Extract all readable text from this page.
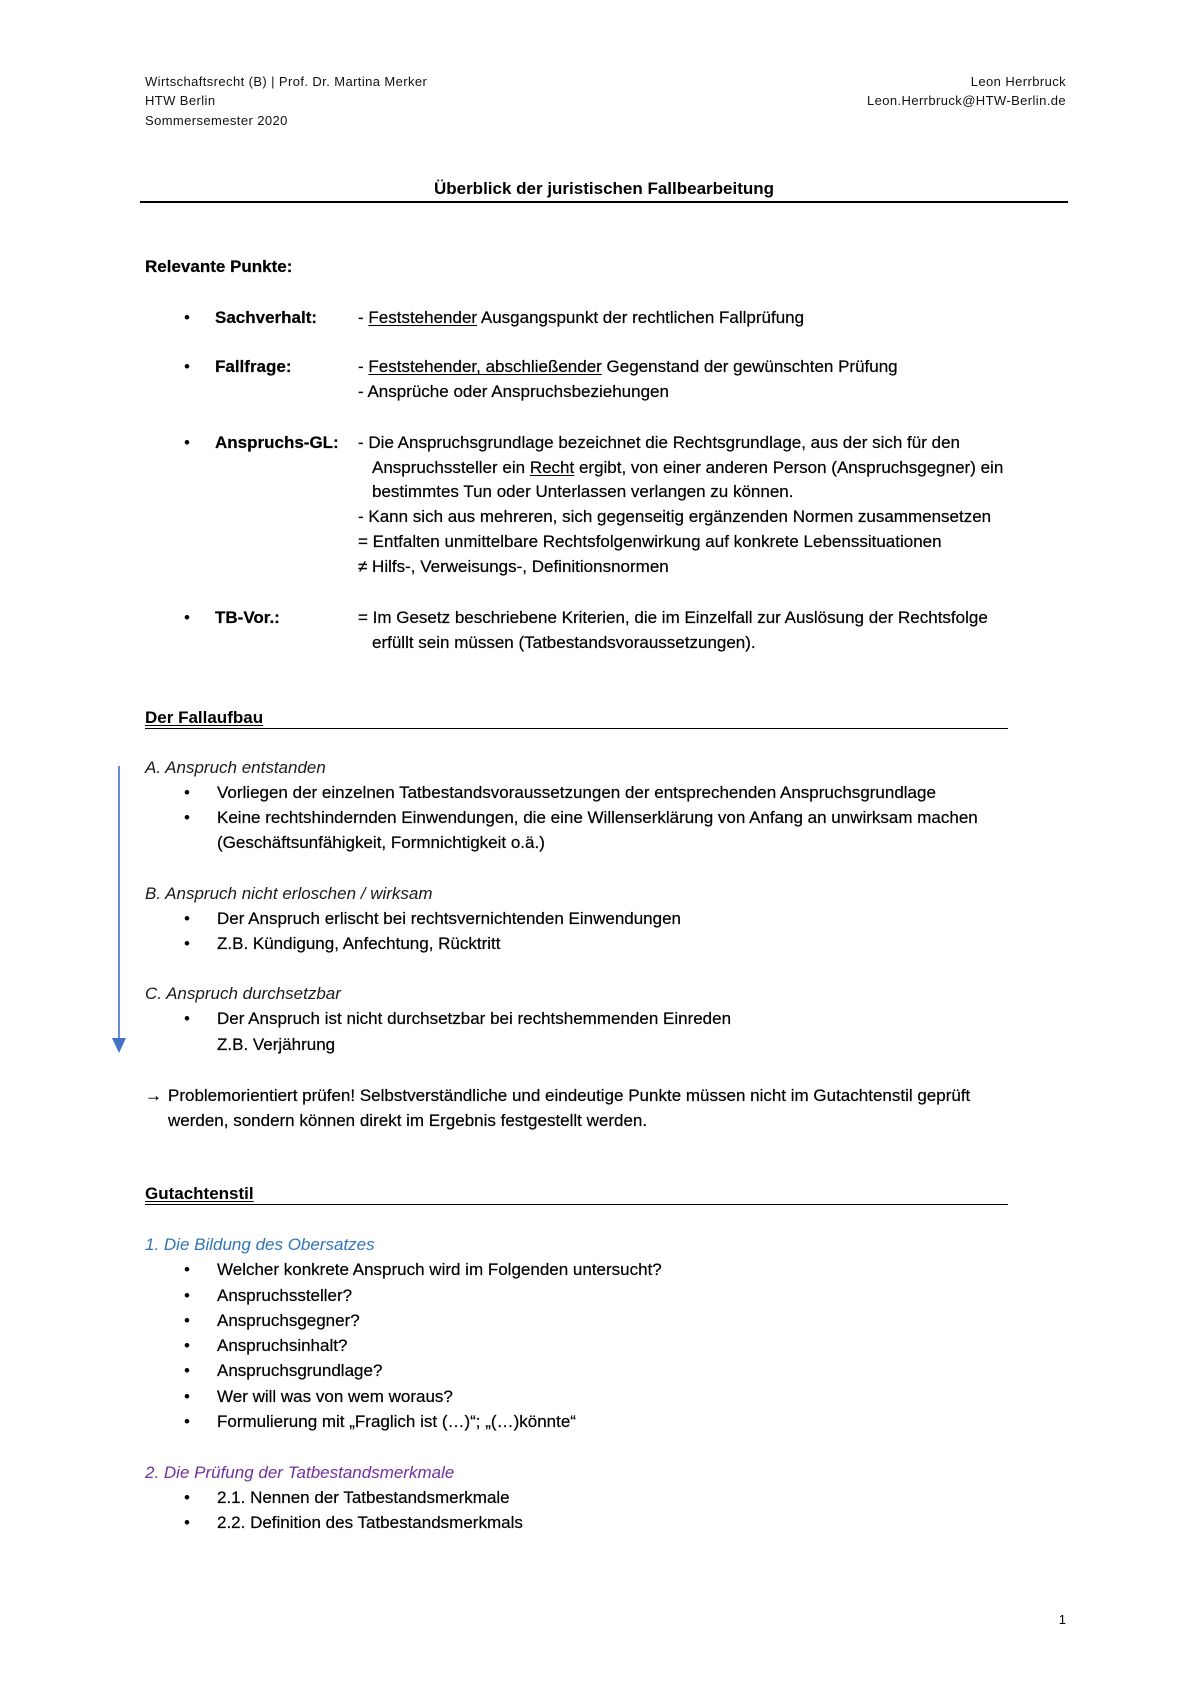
Wirtschaftsrecht (B) | Prof. Dr. Martina Merker
HTW Berlin
Sommersemester 2020
Leon Herrbruck
Leon.Herrbruck@HTW-Berlin.de
Überblick der juristischen Fallbearbeitung
Relevante Punkte:
• Sachverhalt: - Feststehender Ausgangspunkt der rechtlichen Fallprüfung
• Fallfrage:	- Feststehender, abschließender Gegenstand der gewünschten Prüfung
- Ansprüche oder Anspruchsbeziehungen
• Anspruchs-GL: - Die Anspruchsgrundlage bezeichnet die Rechtsgrundlage, aus der sich für den
Anspruchssteller ein Recht ergibt, von einer anderen Person (Anspruchsgegner) ein
bestimmtes Tun oder Unterlassen verlangen zu können.
- Kann sich aus mehreren, sich gegenseitig ergänzenden Normen zusammensetzen
= Entfalten unmittelbare Rechtsfolgenwirkung auf konkrete Lebenssituationen
≠ Hilfs-, Verweisungs-, Definitionsnormen
• TB-Vor.:	= Im Gesetz beschriebene Kriterien, die im Einzelfall zur Auslösung der Rechtsfolge
erfüllt sein müssen (Tatbestandsvoraussetzungen).
Der Fallaufbau
A. Anspruch entstanden
• Vorliegen der einzelnen Tatbestandsvoraussetzungen der entsprechenden Anspruchsgrundlage
• Keine rechtshindernden Einwendungen, die eine Willenserklärung von Anfang an unwirksam machen
(Geschäftsunfähigkeit, Formnichtigkeit o.ä.)
B. Anspruch nicht erloschen / wirksam
• Der Anspruch erlischt bei rechtsvernichtenden Einwendungen
• Z.B. Kündigung, Anfechtung, Rücktritt
C. Anspruch durchsetzbar
• Der Anspruch ist nicht durchsetzbar bei rechtshemmenden Einreden
Z.B. Verjährung
→ Problemorientiert prüfen! Selbstverständliche und eindeutige Punkte müssen nicht im Gutachtenstil geprüft
werden, sondern können direkt im Ergebnis festgestellt werden.
Gutachtenstil
1. Die Bildung des Obersatzes
• Welcher konkrete Anspruch wird im Folgenden untersucht?
• Anspruchssteller?
• Anspruchsgegner?
• Anspruchsinhalt?
• Anspruchsgrundlage?
• Wer will was von wem woraus?
• Formulierung mit „Fraglich ist (…)“; „(…)könnte“
2. Die Prüfung der Tatbestandsmerkmale
• 2.1. Nennen der Tatbestandsmerkmale
• 2.2. Definition des Tatbestandsmerkmals
1
